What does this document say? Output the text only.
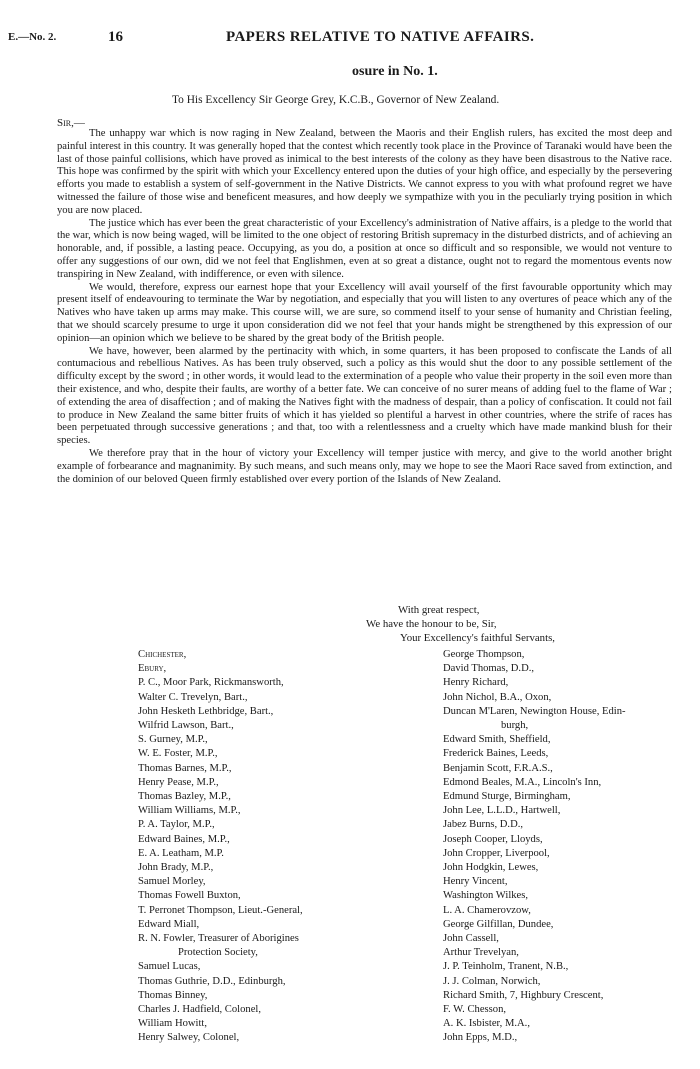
E.—No. 2.	16	PAPERS RELATIVE TO NATIVE AFFAIRS.
osure in No. 1.
To His Excellency Sir George Grey, K.C.B., Governor of New Zealand.
Sir,—

The unhappy war which is now raging in New Zealand, between the Maoris and their English rulers, has excited the most deep and painful interest in this country. It was generally hoped that the contest which recently took place in the Province of Taranaki would have been the last of those painful collisions, which have proved as inimical to the best interests of the colony as they have been disastrous to the Native race. This hope was confirmed by the spirit with which your Excellency entered upon the duties of your high office, and especially by the persevering efforts you made to establish a system of self-government in the Native Districts. We cannot express to you with what profound regret we have witnessed the failure of those wise and beneficent measures, and how deeply we sympathize with you in the peculiarly trying position in which you are now placed.

The justice which has ever been the great characteristic of your Excellency's administration of Native affairs, is a pledge to the world that the war, which is now being waged, will be limited to the one object of restoring British supremacy in the disturbed districts, and of achieving an honorable, and, if possible, a lasting peace. Occupying, as you do, a position at once so difficult and so responsible, we would not venture to offer any suggestions of our own, did we not feel that Englishmen, even at so great a distance, ought not to regard the momentous events now transpiring in New Zealand, with indifference, or even with silence.

We would, therefore, express our earnest hope that your Excellency will avail yourself of the first favourable opportunity which may present itself of endeavouring to terminate the War by negotiation, and especially that you will listen to any overtures of peace which any of the Natives who have taken up arms may make. This course will, we are sure, so commend itself to your sense of humanity and Christian feeling, that we should scarcely presume to urge it upon consideration did we not feel that your hands might be strengthened by this expression of our opinion—an opinion which we believe to be shared by the great body of the British people.

We have, however, been alarmed by the pertinacity with which, in some quarters, it has been proposed to confiscate the Lands of all contumacious and rebellious Natives. As has been truly observed, such a policy as this would shut the door to any possible settlement of the difficulty except by the sword ; in other words, it would lead to the extermination of a people who value their property in the soil even more than their existence, and who, despite their faults, are worthy of a better fate. We can conceive of no surer means of adding fuel to the flame of War ; of extending the area of disaffection ; and of making the Natives fight with the madness of despair, than a policy of confiscation. It could not fail to produce in New Zealand the same bitter fruits of which it has yielded so plentiful a harvest in other countries, where the strife of races has been perpetuated through successive generations ; and that, too with a relentlessness and a cruelty which have made mankind blush for their species.

We therefore pray that in the hour of victory your Excellency will temper justice with mercy, and give to the world another bright example of forbearance and magnanimity. By such means, and such means only, may we hope to see the Maori Race saved from extinction, and the dominion of our beloved Queen firmly established over every portion of the Islands of New Zealand.

With great respect,
We have the honour to be, Sir,
Your Excellency's faithful Servants,
Chichester,
Ebury,
P. C., Moor Park, Rickmansworth,
Walter C. Trevelyn, Bart.,
John Hesketh Lethbridge, Bart.,
Wilfrid Lawson, Bart.,
S. Gurney, M.P.,
W. E. Foster, M.P.,
Thomas Barnes, M.P.,
Henry Pease, M.P.,
Thomas Bazley, M.P.,
William Williams, M.P.,
P. A. Taylor, M.P.,
Edward Baines, M.P.,
E. A. Leatham, M.P.
John Brady, M.P.,
Samuel Morley,
Thomas Fowell Buxton,
T. Perronet Thompson, Lieut.-General,
Edward Miall,
R. N. Fowler, Treasurer of Aborigines
Protection Society,
Samuel Lucas,
Thomas Guthrie, D.D., Edinburgh,
Thomas Binney,
Charles J. Hadfield, Colonel,
William Howitt,
Henry Salwey, Colonel,
George Thompson,
David Thomas, D.D.,
Henry Richard,
John Nichol, B.A., Oxon,
Duncan M'Laren, Newington House, Edin-
burgh,
Edward Smith, Sheffield,
Frederick Baines, Leeds,
Benjamin Scott, F.R.A.S.,
Edmond Beales, M.A., Lincoln's Inn,
Edmund Sturge, Birmingham,
John Lee, L.L.D., Hartwell,
Jabez Burns, D.D.,
Joseph Cooper, Lloyds,
John Cropper, Liverpool,
John Hodgkin, Lewes,
Henry Vincent,
Washington Wilkes,
L. A. Chamerovzow,
George Gilfillan, Dundee,
John Cassell,
Arthur Trevelyan,
J. P. Teinholm, Tranent, N.B.,
J. J. Colman, Norwich,
Richard Smith, 7, Highbury Crescent,
F. W. Chesson,
A. K. Isbister, M.A.,
John Epps, M.D.,
